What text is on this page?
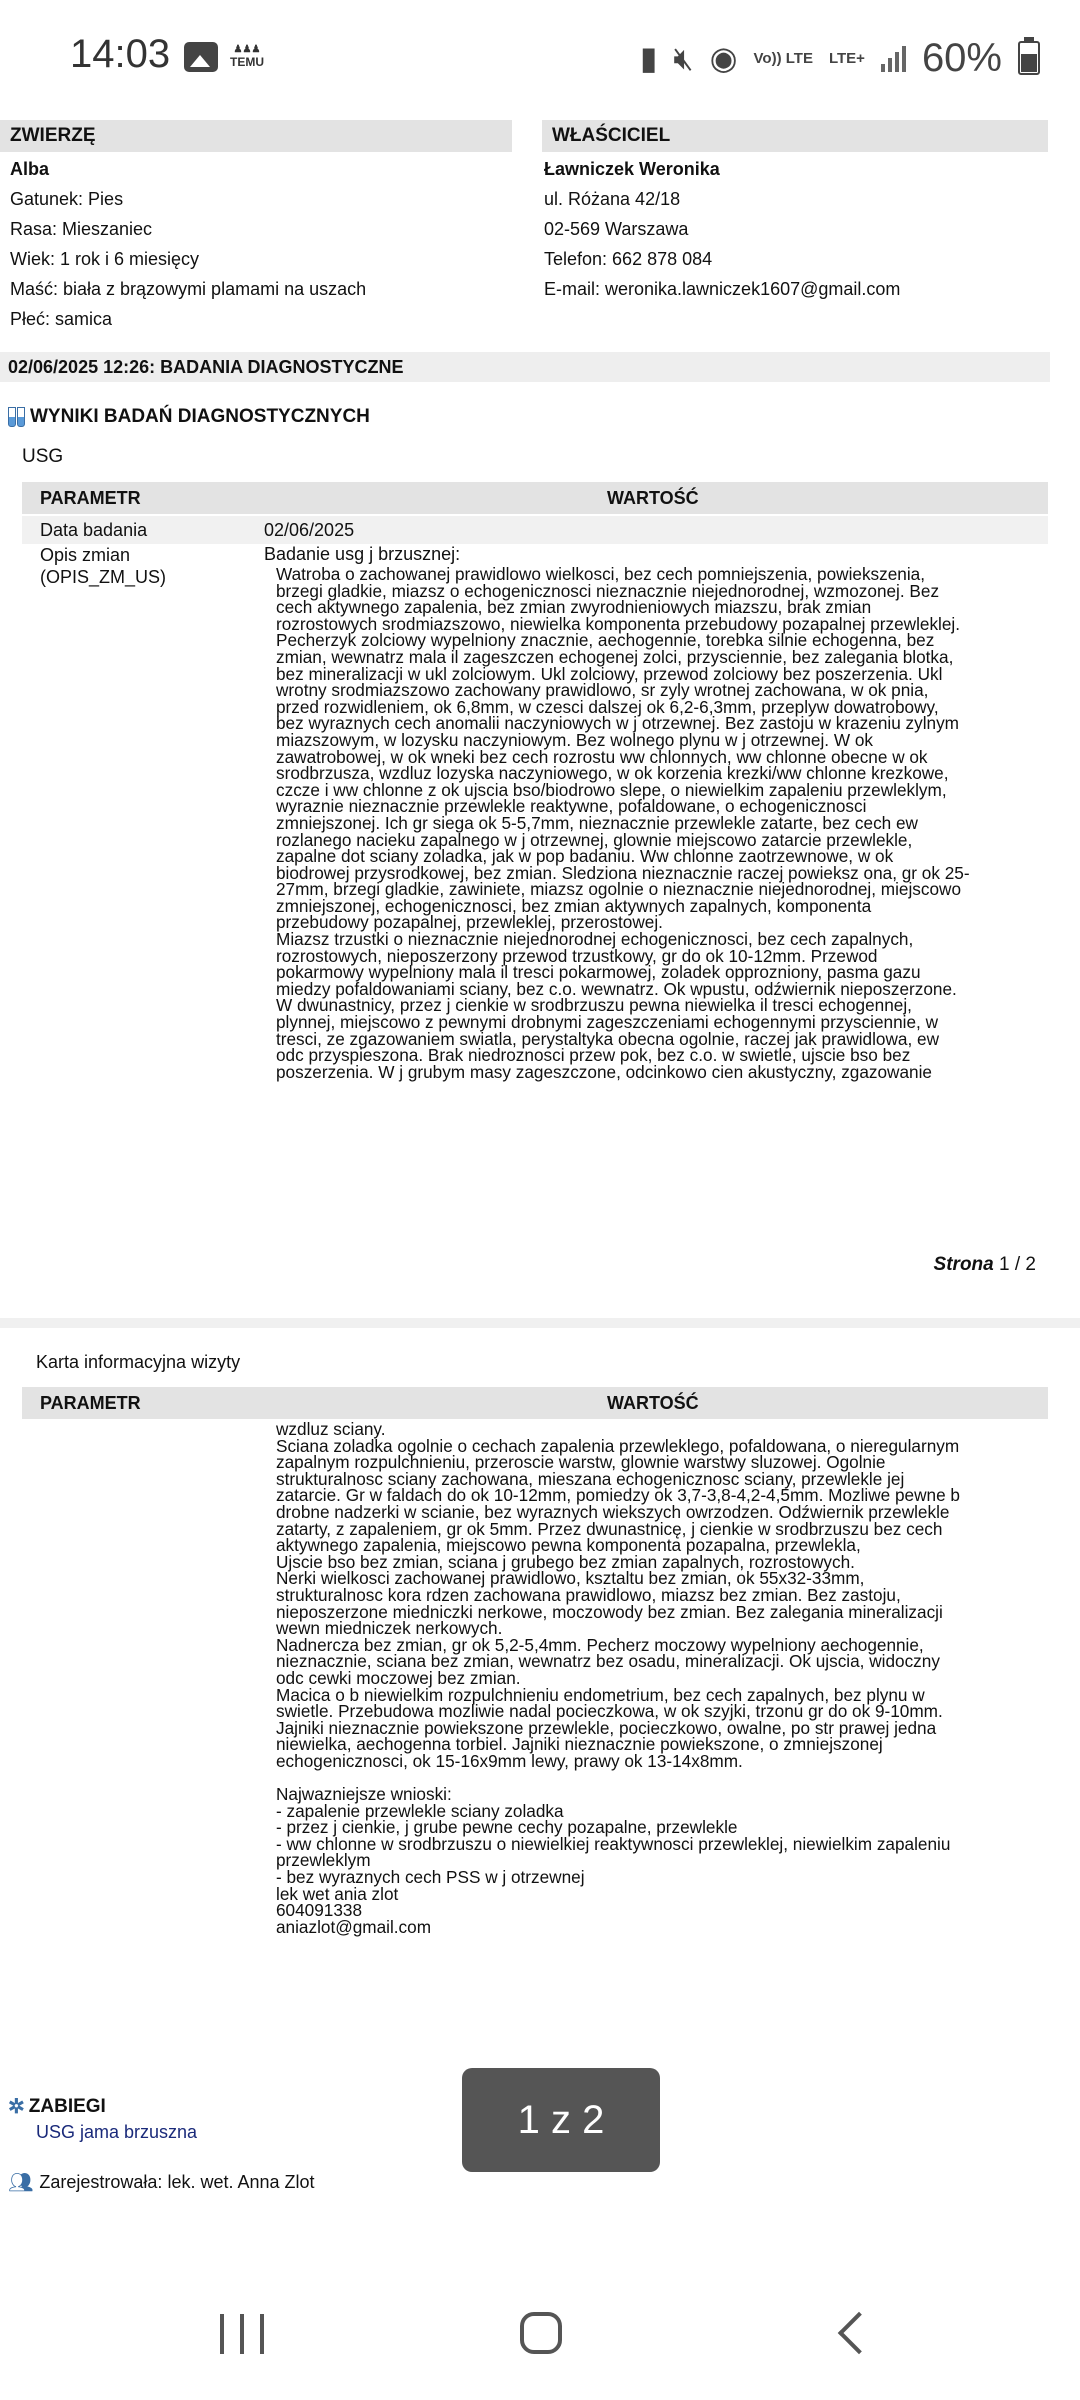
14:03	♟♟♟
TEMU	▮ 🔇︎ ◉ Vo)) LTE LTE+ 60%
ZWIERZĘ	WŁAŚCICIEL
Alba
Gatunek: Pies
Rasa: Mieszaniec
Wiek: 1 rok i 6 miesięcy
Maść: biała z brązowymi plamami na uszach
Płeć: samica
Ławniczek Weronika
ul. Różana 42/18
02-569 Warszawa
Telefon: 662 878 084
E-mail: weronika.lawniczek1607@gmail.com
02/06/2025 12:26: BADANIA DIAGNOSTYCZNE
WYNIKI BADAŃ DIAGNOSTYCZNYCH
USG
PARAMETR	WARTOŚĆ
Data badania	02/06/2025
Opis zmian
(OPIS_ZM_US)
Badanie usg j brzusznej:
Watroba o zachowanej prawidlowo wielkosci, bez cech pomniejszenia, powiekszenia,
brzegi gladkie, miazsz o echogenicznosci nieznacznie niejednorodnej, wzmozonej. Bez
cech aktywnego zapalenia, bez zmian zwyrodnieniowych miazszu, brak zmian
rozrostowych srodmiazszowo, niewielka komponenta przebudowy pozapalnej przewleklej.
Pecherzyk zolciowy wypelniony znacznie, aechogennie, torebka silnie echogenna, bez
zmian, wewnatrz mala il zageszczen echogenej zolci, przysciennie, bez zalegania blotka,
bez mineralizacji w ukl zolciowym. Ukl zolciowy, przewod zolciowy bez poszerzenia. Ukl
wrotny srodmiazszowo zachowany prawidlowo, sr zyly wrotnej zachowana, w ok pnia,
przed rozwidleniem, ok 6,8mm, w czesci dalszej ok 6,2-6,3mm, przeplyw dowatrobowy,
bez wyraznych cech anomalii naczyniowych w j otrzewnej. Bez zastoju w krazeniu zylnym
miazszowym, w lozysku naczyniowym. Bez wolnego plynu w j otrzewnej. W ok
zawatrobowej, w ok wneki bez cech rozrostu ww chlonnych, ww chlonne obecne w ok
srodbrzusza, wzdluz lozyska naczyniowego, w ok korzenia krezki/ww chlonne krezkowe,
czcze i ww chlonne z ok ujscia bso/biodrowo slepe, o niewielkim zapaleniu przewleklym,
wyraznie nieznacznie przewlekle reaktywne, pofaldowane, o echogenicznosci
zmniejszonej. Ich gr siega ok 5-5,7mm, nieznacznie przewlekle zatarte, bez cech ew
rozlanego nacieku zapalnego w j otrzewnej, glownie miejscowo zatarcie przewlekle,
zapalne dot sciany zoladka, jak w pop badaniu. Ww chlonne zaotrzewnowe, w ok
biodrowej przysrodkowej, bez zmian. Sledziona nieznacznie raczej powieksz ona, gr ok 25-
27mm, brzegi gladkie, zawiniete, miazsz ogolnie o nieznacznie niejednorodnej, miejscowo
zmniejszonej, echogenicznosci, bez zmian aktywnych zapalnych, komponenta
przebudowy pozapalnej, przewleklej, przerostowej.
Miazsz trzustki o nieznacznie niejednorodnej echogenicznosci, bez cech zapalnych,
rozrostowych, nieposzerzony przewod trzustkowy, gr do ok 10-12mm. Przewod
pokarmowy wypelniony mala il tresci pokarmowej, zoladek opprozniony, pasma gazu
miedzy pofaldowaniami sciany, bez c.o. wewnatrz. Ok wpustu, odźwiernik nieposzerzone.
W dwunastnicy, przez j cienkie w srodbrzuszu pewna niewielka il tresci echogennej,
plynnej, miejscowo z pewnymi drobnymi zageszczeniami echogennymi przysciennie, w
tresci, ze zgazowaniem swiatla, perystaltyka obecna ogolnie, raczej jak prawidlowa, ew
odc przyspieszona. Brak niedroznosci przew pok, bez c.o. w swietle, ujscie bso bez
poszerzenia. W j grubym masy zageszczone, odcinkowo cien akustyczny, zgazowanie
Strona 1 / 2
Karta informacyjna wizyty
PARAMETR	WARTOŚĆ
wzdluz sciany.
Sciana zoladka ogolnie o cechach zapalenia przewleklego, pofaldowana, o nieregularnym
zapalnym rozpulchnieniu, przeroscie warstw, glownie warstwy sluzowej. Ogolnie
strukturalnosc sciany zachowana, mieszana echogenicznosc sciany, przewlekle jej
zatarcie. Gr w faldach do ok 10-12mm, pomiedzy ok 3,7-3,8-4,2-4,5mm. Mozliwe pewne b
drobne nadzerki w scianie, bez wyraznych wiekszych owrzodzen. Odźwiernik przewlekle
zatarty, z zapaleniem, gr ok 5mm. Przez dwunastnicę, j cienkie w srodbrzuszu bez cech
aktywnego zapalenia, miejscowo pewna komponenta pozapalna, przewlekla,
Ujscie bso bez zmian, sciana j grubego bez zmian zapalnych, rozrostowych.
Nerki wielkosci zachowanej prawidlowo, ksztaltu bez zmian, ok 55x32-33mm,
strukturalnosc kora rdzen zachowana prawidlowo, miazsz bez zmian. Bez zastoju,
nieposzerzone miedniczki nerkowe, moczowody bez zmian. Bez zalegania mineralizacji
wewn miedniczek nerkowych.
Nadnercza bez zmian, gr ok 5,2-5,4mm. Pecherz moczowy wypelniony aechogennie,
nieznacznie, sciana bez zmian, wewnatrz bez osadu, mineralizacji. Ok ujscia, widoczny
odc cewki moczowej bez zmian.
Macica o b niewielkim rozpulchnieniu endometrium, bez cech zapalnych, bez plynu w
swietle. Przebudowa mozliwie nadal pocieczkowa, w ok szyjki, trzonu gr do ok 9-10mm.
Jajniki nieznacznie powiekszone przewlekle, pocieczkowo, owalne, po str prawej jedna
niewielka, aechogenna torbiel. Jajniki nieznacznie powiekszone, o zmniejszonej
echogenicznosci, ok 15-16x9mm lewy, prawy ok 13-14x8mm.

Najwazniejsze wnioski:
- zapalenie przewlekle sciany zoladka
- przez j cienkie, j grube pewne cechy pozapalne, przewlekle
- ww chlonne w srodbrzuszu o niewielkiej reaktywnosci przewleklej, niewielkim zapaleniu
przewleklym
- bez wyraznych cech PSS w j otrzewnej
lek wet ania zlot
604091338
aniazlot@gmail.com
✲ ZABIEGI
USG jama brzuszna
👥︎ Zarejestrowała: lek. wet. Anna Zlot
1 z 2
